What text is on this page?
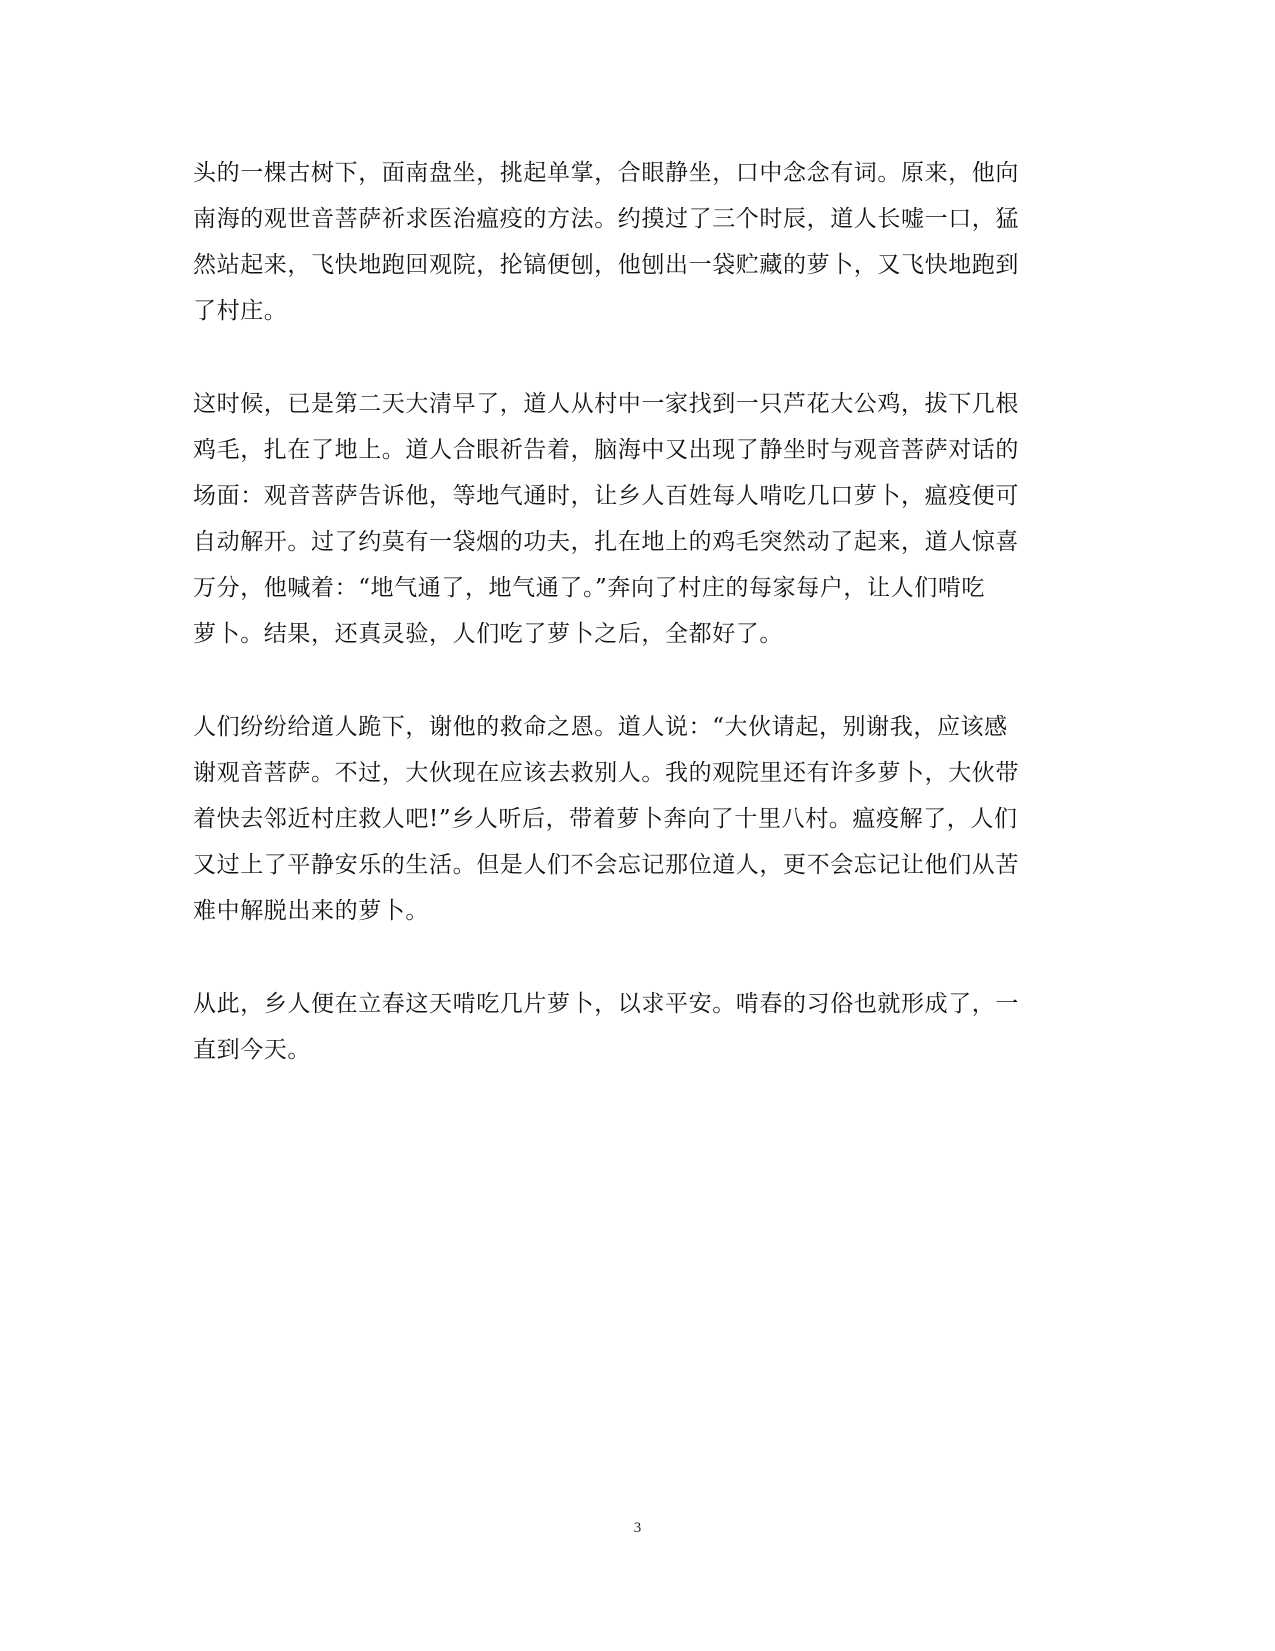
头的一棵古树下，面南盘坐，挑起单掌，合眼静坐，口中念念有词。原来，他向
南海的观世音菩萨祈求医治瘟疫的方法。约摸过了三个时辰，道人长嘘一口，猛
然站起来，飞快地跑回观院，抡镐便刨，他刨出一袋贮藏的萝卜，又飞快地跑到
了村庄。

这时候，已是第二天大清早了，道人从村中一家找到一只芦花大公鸡，拔下几根
鸡毛，扎在了地上。道人合眼祈告着，脑海中又出现了静坐时与观音菩萨对话的
场面：观音菩萨告诉他，等地气通时，让乡人百姓每人啃吃几口萝卜，瘟疫便可
自动解开。过了约莫有一袋烟的功夫，扎在地上的鸡毛突然动了起来，道人惊喜
万分，他喊着：“地气通了，地气通了。”奔向了村庄的每家每户，让人们啃吃
萝卜。结果，还真灵验，人们吃了萝卜之后，全都好了。

人们纷纷给道人跪下，谢他的救命之恩。道人说：“大伙请起，别谢我，应该感
谢观音菩萨。不过，大伙现在应该去救别人。我的观院里还有许多萝卜，大伙带
着快去邻近村庄救人吧!”乡人听后，带着萝卜奔向了十里八村。瘟疫解了，人们
又过上了平静安乐的生活。但是人们不会忘记那位道人，更不会忘记让他们从苦
难中解脱出来的萝卜。

从此，乡人便在立春这天啃吃几片萝卜，以求平安。啃春的习俗也就形成了，一
直到今天。

3
